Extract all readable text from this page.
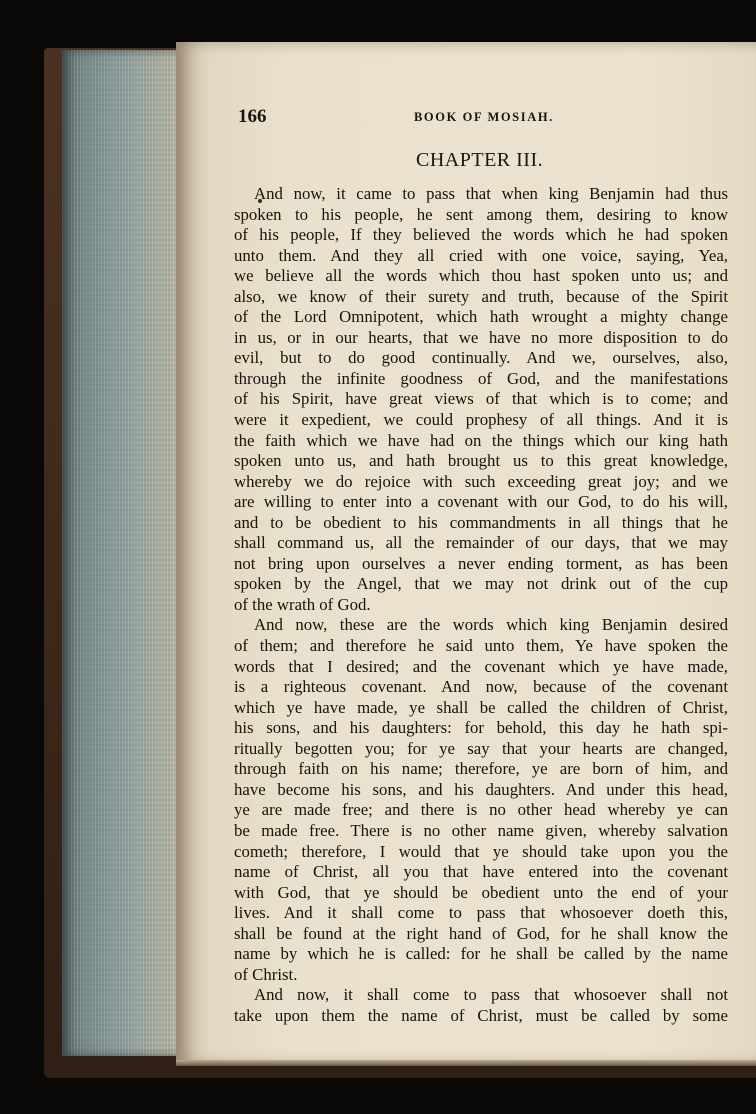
166	BOOK OF MOSIAH.
CHAPTER III.
And now, it came to pass that when king Benjamin had thus
spoken to his people, he sent among them, desiring to know
of his people, If they believed the words which he had spoken
unto them. And they all cried with one voice, saying, Yea,
we believe all the words which thou hast spoken unto us; and
also, we know of their surety and truth, because of the Spirit
of the Lord Omnipotent, which hath wrought a mighty change
in us, or in our hearts, that we have no more disposition to do
evil, but to do good continually. And we, ourselves, also,
through the infinite goodness of God, and the manifestations
of his Spirit, have great views of that which is to come; and
were it expedient, we could prophesy of all things. And it is
the faith which we have had on the things which our king hath
spoken unto us, and hath brought us to this great knowledge,
whereby we do rejoice with such exceeding great joy; and we
are willing to enter into a covenant with our God, to do his will,
and to be obedient to his commandments in all things that he
shall command us, all the remainder of our days, that we may
not bring upon ourselves a never ending torment, as has been
spoken by the Angel, that we may not drink out of the cup
of the wrath of God.
And now, these are the words which king Benjamin desired
of them; and therefore he said unto them, Ye have spoken the
words that I desired; and the covenant which ye have made,
is a righteous covenant. And now, because of the covenant
which ye have made, ye shall be called the children of Christ,
his sons, and his daughters: for behold, this day he hath spi-
ritually begotten you; for ye say that your hearts are changed,
through faith on his name; therefore, ye are born of him, and
have become his sons, and his daughters. And under this head,
ye are made free; and there is no other head whereby ye can
be made free. There is no other name given, whereby salvation
cometh; therefore, I would that ye should take upon you the
name of Christ, all you that have entered into the covenant
with God, that ye should be obedient unto the end of your
lives. And it shall come to pass that whosoever doeth this,
shall be found at the right hand of God, for he shall know the
name by which he is called: for he shall be called by the name
of Christ.
And now, it shall come to pass that whosoever shall not
take upon them the name of Christ, must be called by some
